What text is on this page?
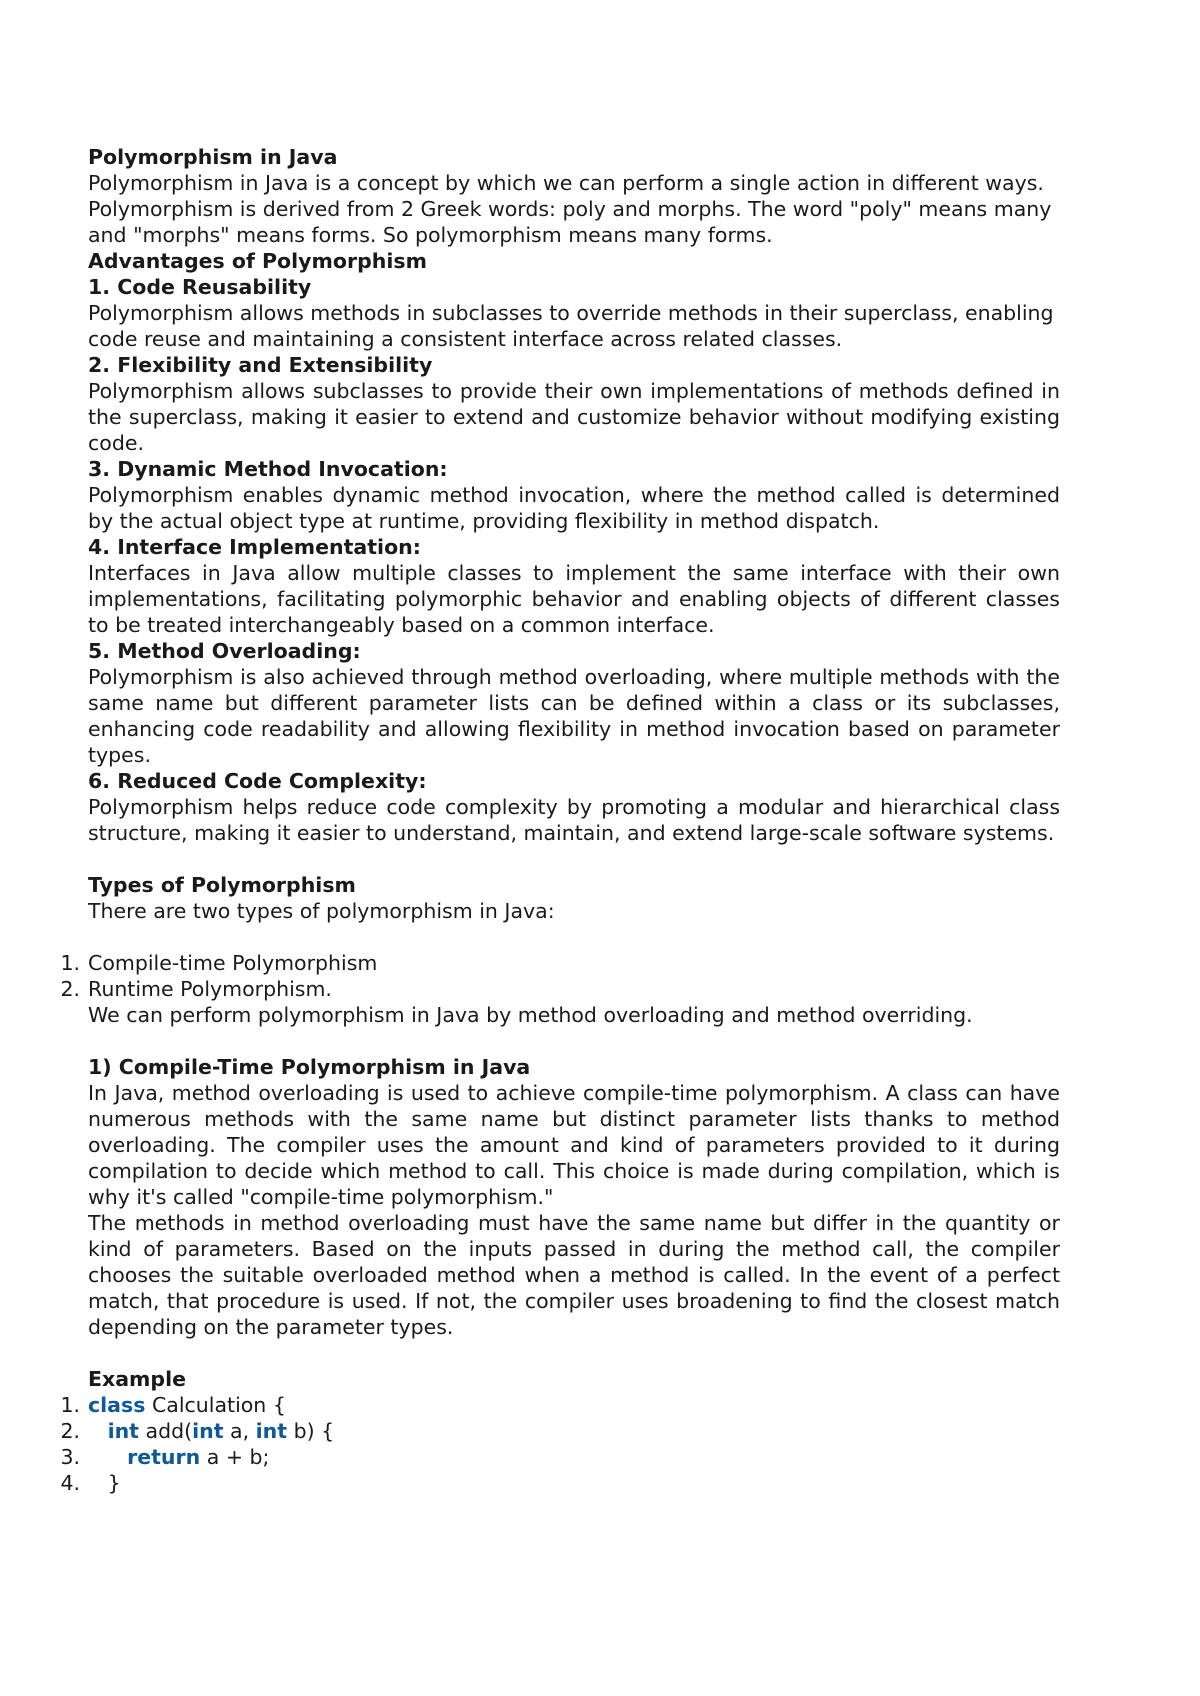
Polymorphism in Java
Polymorphism in Java is a concept by which we can perform a single action in different ways. Polymorphism is derived from 2 Greek words: poly and morphs. The word "poly" means many and "morphs" means forms. So polymorphism means many forms.
Advantages of Polymorphism
1. Code Reusability
Polymorphism allows methods in subclasses to override methods in their superclass, enabling code reuse and maintaining a consistent interface across related classes.
2. Flexibility and Extensibility
Polymorphism allows subclasses to provide their own implementations of methods defined in the superclass, making it easier to extend and customize behavior without modifying existing code.
3. Dynamic Method Invocation:
Polymorphism enables dynamic method invocation, where the method called is determined by the actual object type at runtime, providing flexibility in method dispatch.
4. Interface Implementation:
Interfaces in Java allow multiple classes to implement the same interface with their own implementations, facilitating polymorphic behavior and enabling objects of different classes to be treated interchangeably based on a common interface.
5. Method Overloading:
Polymorphism is also achieved through method overloading, where multiple methods with the same name but different parameter lists can be defined within a class or its subclasses, enhancing code readability and allowing flexibility in method invocation based on parameter types.
6. Reduced Code Complexity:
Polymorphism helps reduce code complexity by promoting a modular and hierarchical class structure, making it easier to understand, maintain, and extend large-scale software systems.
Types of Polymorphism
There are two types of polymorphism in Java:
1. Compile-time Polymorphism
2. Runtime Polymorphism.
We can perform polymorphism in Java by method overloading and method overriding.
1) Compile-Time Polymorphism in Java
In Java, method overloading is used to achieve compile-time polymorphism. A class can have numerous methods with the same name but distinct parameter lists thanks to method overloading. The compiler uses the amount and kind of parameters provided to it during compilation to decide which method to call. This choice is made during compilation, which is why it's called "compile-time polymorphism."
The methods in method overloading must have the same name but differ in the quantity or kind of parameters. Based on the inputs passed in during the method call, the compiler chooses the suitable overloaded method when a method is called. In the event of a perfect match, that procedure is used. If not, the compiler uses broadening to find the closest match depending on the parameter types.
Example
1. class Calculation {
2. int add(int a, int b) {
3. return a + b;
4. }
